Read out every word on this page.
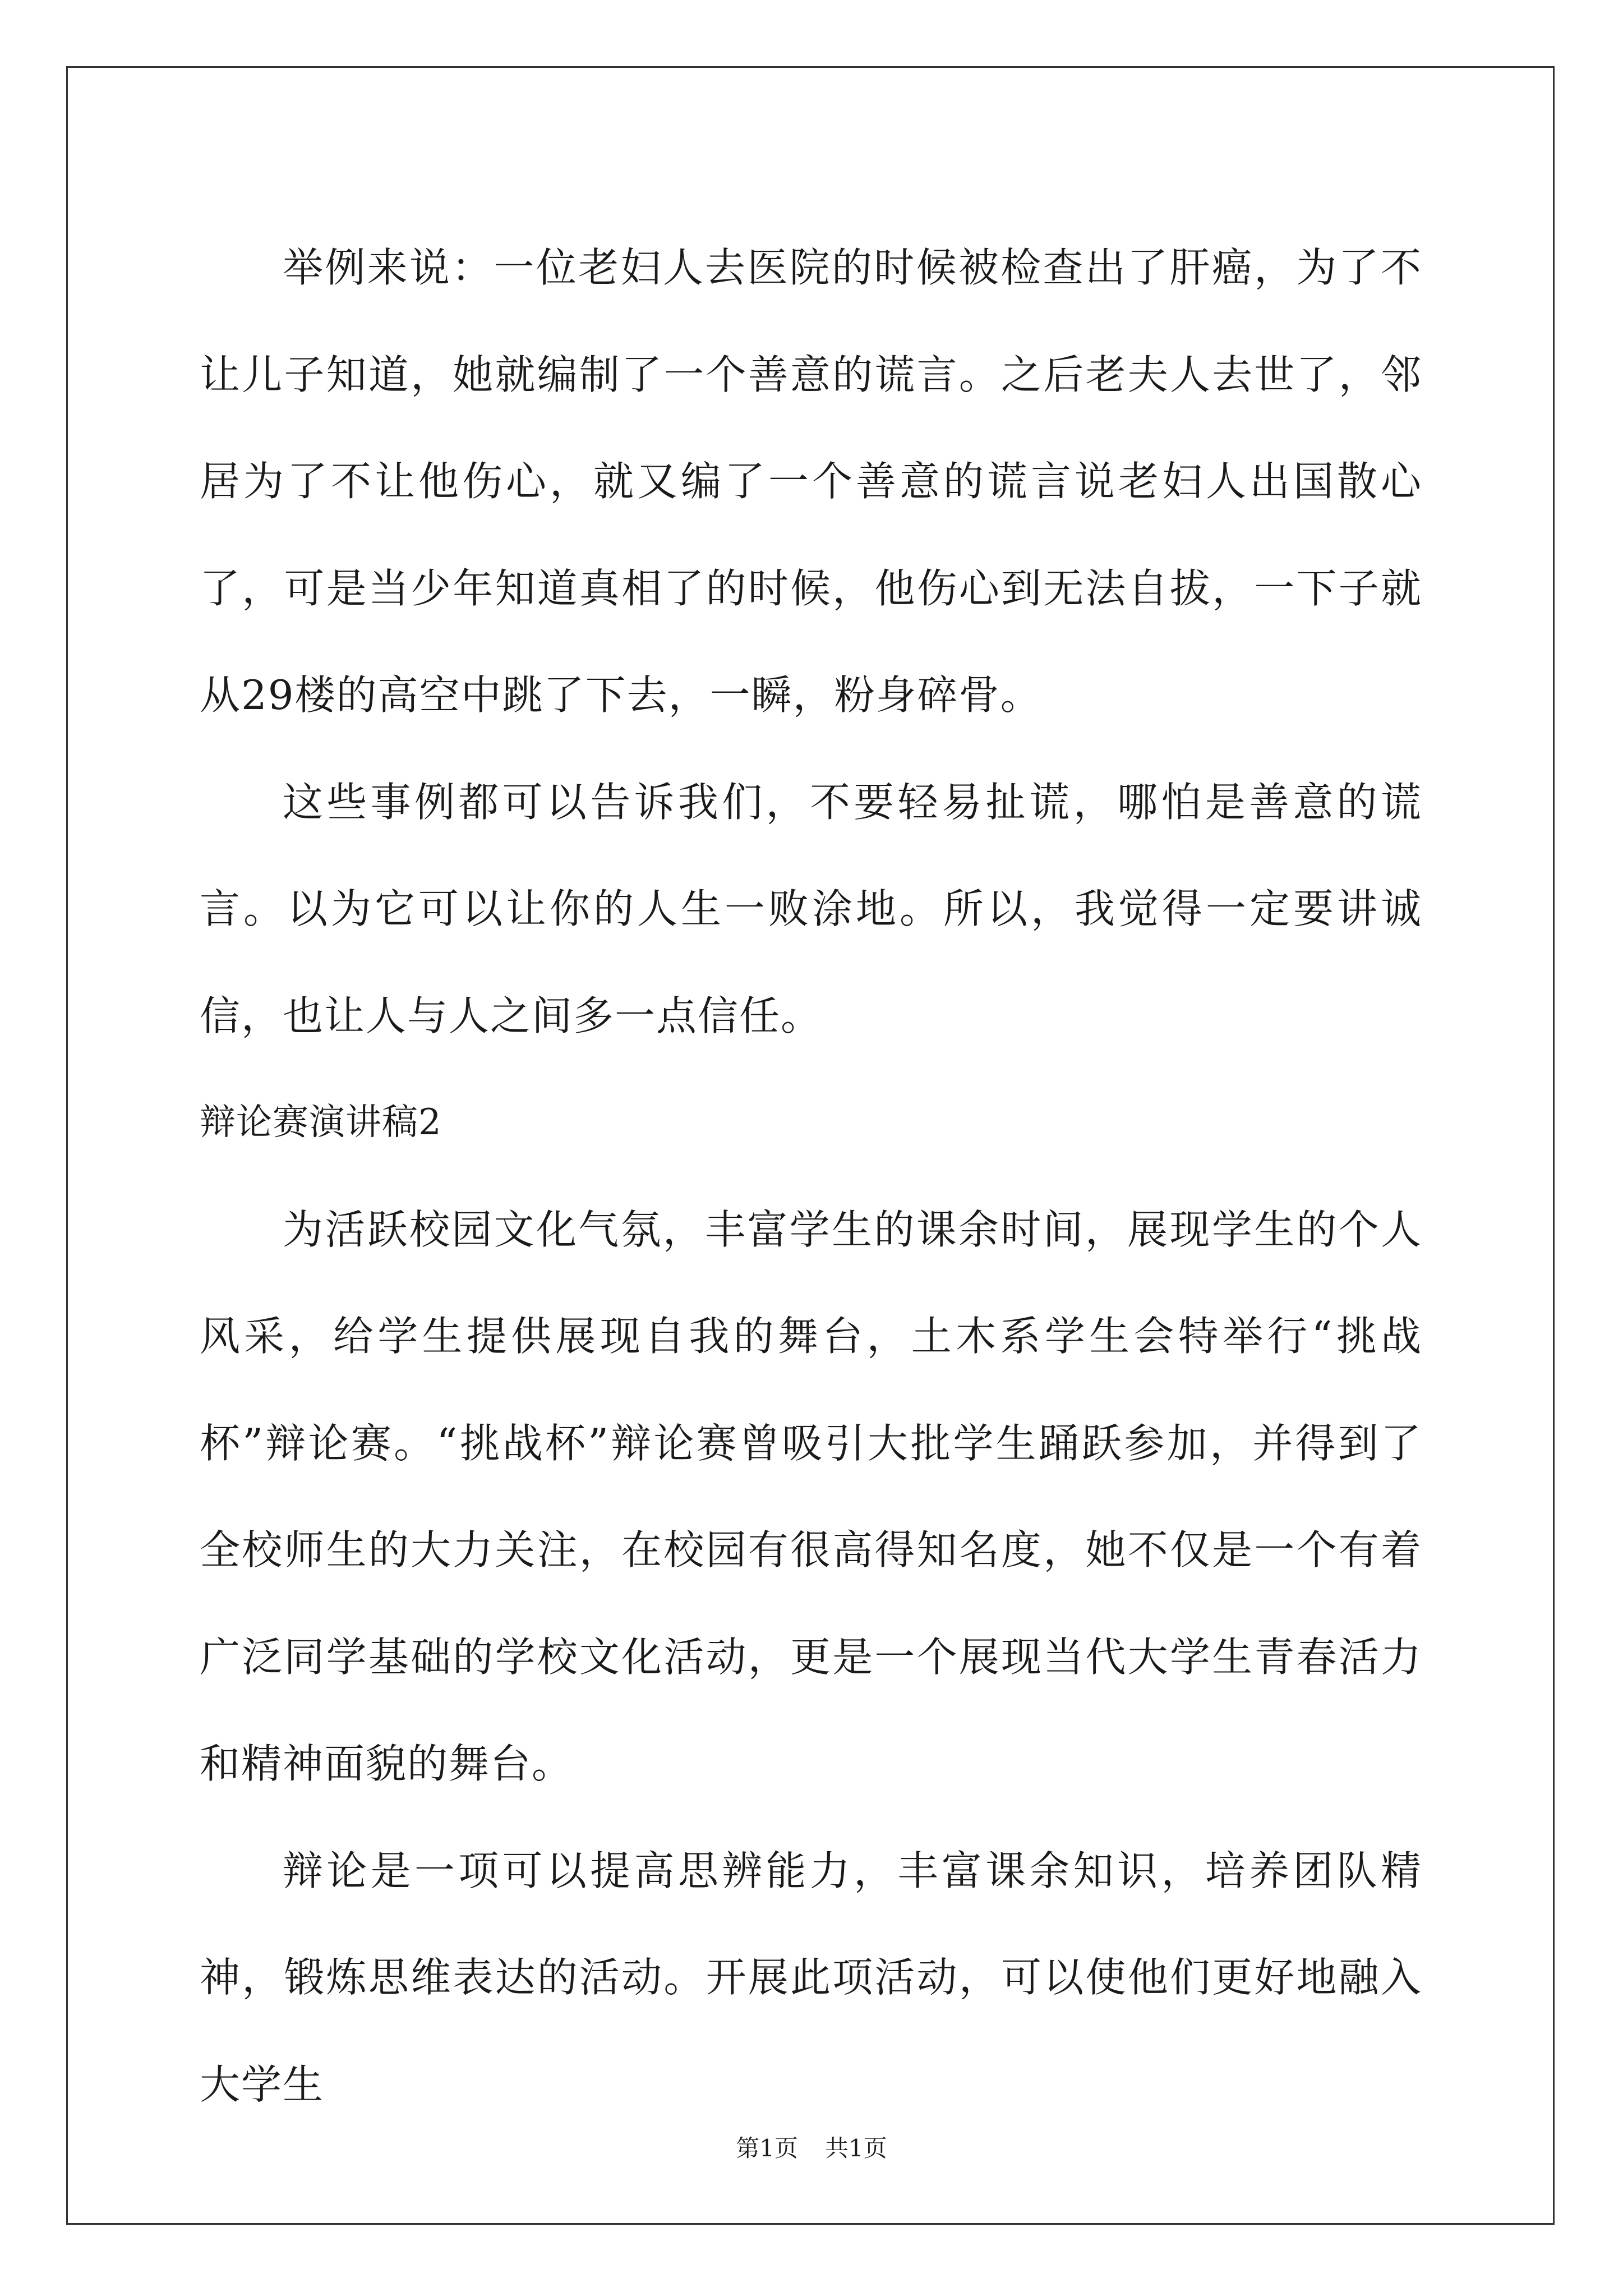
举例来说：一位老妇人去医院的时候被检查出了肝癌，为了不让儿子知道，她就编制了一个善意的谎言。之后老夫人去世了，邻居为了不让他伤心，就又编了一个善意的谎言说老妇人出国散心了，可是当少年知道真相了的时候，他伤心到无法自拔，一下子就从29楼的高空中跳了下去，一瞬，粉身碎骨。

这些事例都可以告诉我们，不要轻易扯谎，哪怕是善意的谎言。以为它可以让你的人生一败涂地。所以，我觉得一定要讲诚信，也让人与人之间多一点信任。

辩论赛演讲稿2

为活跃校园文化气氛，丰富学生的课余时间，展现学生的个人风采，给学生提供展现自我的舞台，土木系学生会特举行“挑战杯”辩论赛。“挑战杯”辩论赛曾吸引大批学生踊跃参加，并得到了全校师生的大力关注，在校园有很高得知名度，她不仅是一个有着广泛同学基础的学校文化活动，更是一个展现当代大学生青春活力和精神面貌的舞台。

辩论是一项可以提高思辨能力，丰富课余知识，培养团队精神，锻炼思维表达的活动。开展此项活动，可以使他们更好地融入大学生

第1页 共1页
